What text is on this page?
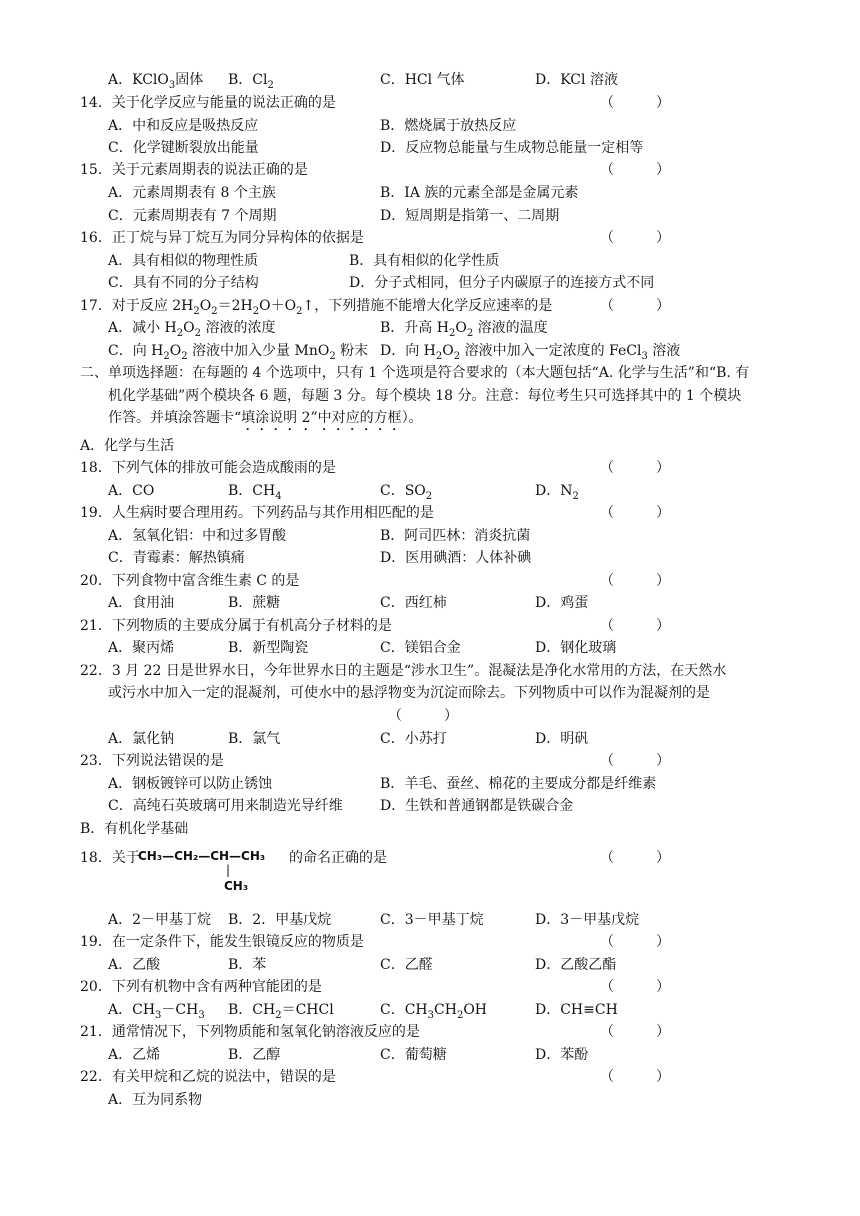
A．KClO$_3$固体 B．$Cl_2$	C．HCl 气体	D．KCl 溶液
14．关于化学反应与能量的说法正确的是	（　　　）
A．中和反应是吸热反应	B．燃烧属于放热反应
C．化学键断裂放出能量	D．反应物总能量与生成物总能量一定相等
15．关于元素周期表的说法正确的是	（　　　）
A．元素周期表有 8 个主族	B．ⅠA 族的元素全部是金属元素
C．元素周期表有 7 个周期	D．短周期是指第一、二周期
16．正丁烷与异丁烷互为同分异构体的依据是	（　　　）
A．具有相似的物理性质	B．具有相似的化学性质
C．具有不同的分子结构	D．分子式相同，但分子内碳原子的连接方式不同
17．对于反应 $2H_2O_2=2H_2O+O_2↑$，下列措施不能增大化学反应速率的是	（　　　）
A．减小 $H_2O_2$ 溶液的浓度	B．升高 $H_2O_2$ 溶液的温度
C．向 $H_2O_2$ 溶液中加入少量 MnO$_2$ 粉末 D．向 $H_2O_2$ 溶液中加入一定浓度的 FeCl$_3$ 溶液
二、单项选择题：在每题的 4 个选项中，只有 1 个选项是符合要求的（本大题包括“A. 化学与生活”和“B. 有
机化学基础”两个模块各 6 题，每题 3 分。每个模块 18 分。注意：每位考生只可选择其中的 1 个模块
作答。并填涂答题卡“填涂说明 2”中对应的方框）。
A．化学与生活
18．下列气体的排放可能会造成酸雨的是	（　　　）
A．CO	B．$CH_4$	C．$SO_2$	D．$N_2$
19．人生病时要合理用药。下列药品与其作用相匹配的是	（　　　）
A．氢氧化铝：中和过多胃酸	B．阿司匹林：消炎抗菌
C．青霉素：解热镇痛	D．医用碘酒：人体补碘
20．下列食物中富含维生素 C 的是	（　　　）
A．食用油	B．蔗糖	C．西红柿	D．鸡蛋
21．下列物质的主要成分属于有机高分子材料的是	（　　　）
A．聚丙烯	B．新型陶瓷	C．镁铝合金	D．钢化玻璃
22．3 月 22 日是世界水日，今年世界水日的主题是“涉水卫生”。混凝法是净化水常用的方法，在天然水
或污水中加入一定的混凝剂，可使水中的悬浮物变为沉淀而除去。下列物质中可以作为混凝剂的是
（　　　）
A．氯化钠	B．氯气	C．小苏打	D．明矾
23．下列说法错误的是	（　　　）
A．钢板镀锌可以防止锈蚀	B．羊毛、蚕丝、棉花的主要成分都是纤维素
C．高纯石英玻璃可用来制造光导纤维	D．生铁和普通钢都是铁碳合金
B．有机化学基础
18．关于
CH₃—CH₂—CH—CH₃
|
CH₃
的命名正确的是	（　　　）
A．2－甲基丁烷 B．2．甲基戊烷	C．3－甲基丁烷	D．3－甲基戊烷
19．在一定条件下，能发生银镜反应的物质是	（　　　）
A．乙酸	B．苯	C．乙醛	D．乙酸乙酯
20．下列有机物中含有两种官能团的是	（　　　）
A．$CH_3-CH_3$ B．$CH_2=CHCl$	C．$CH_3CH_2OH$	D．CH≡CH
21．通常情况下，下列物质能和氢氧化钠溶液反应的是	（　　　）
A．乙烯	B．乙醇	C．葡萄糖	D．苯酚
22．有关甲烷和乙烷的说法中，错误的是	（　　　）
A．互为同系物
